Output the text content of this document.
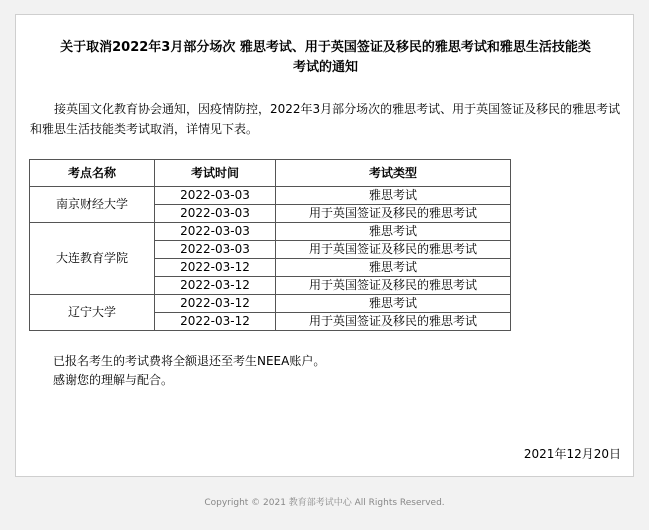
关于取消2022年3月部分场次 雅思考试、用于英国签证及移民的雅思考试和雅思生活技能类
考试的通知
接英国文化教育协会通知，因疫情防控，2022年3月部分场次的雅思考试、用于英国签证及移民的雅思考试和雅思生活技能类考试取消，详情见下表。
考点名称	考试时间	考试类型
南京财经大学	2022-03-03	雅思考试
	2022-03-03	用于英国签证及移民的雅思考试
大连教育学院	2022-03-03	雅思考试
	2022-03-03	用于英国签证及移民的雅思考试
	2022-03-12	雅思考试
	2022-03-12	用于英国签证及移民的雅思考试
辽宁大学	2022-03-12	雅思考试
	2022-03-12	用于英国签证及移民的雅思考试
已报名考生的考试费将全额退还至考生NEEA账户。
感谢您的理解与配合。
2021年12月20日
Copyright © 2021 教育部考试中心 All Rights Reserved.
